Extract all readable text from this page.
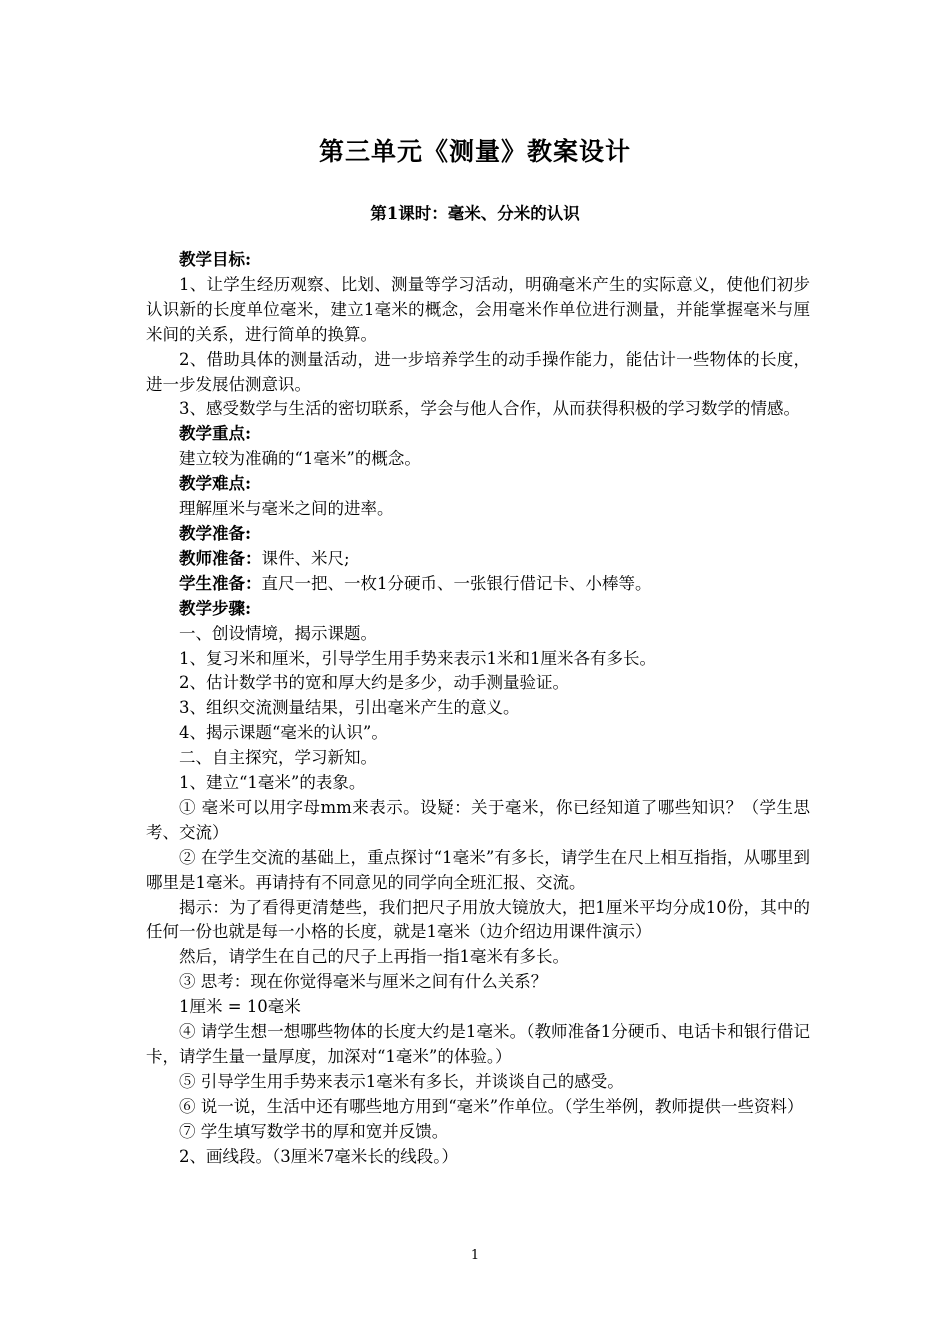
第三单元《测量》教案设计
第1课时：毫米、分米的认识

教学目标:

1、让学生经历观察、比划、测量等学习活动，明确毫米产生的实际意义，使他们初步认识新的长度单位毫米，建立1毫米的概念，会用毫米作单位进行测量，并能掌握毫米与厘米间的关系，进行简单的换算。

2、借助具体的测量活动，进一步培养学生的动手操作能力，能估计一些物体的长度，进一步发展估测意识。

3、感受数学与生活的密切联系，学会与他人合作，从而获得积极的学习数学的情感。

教学重点:

建立较为准确的“1毫米”的概念。

教学难点:

理解厘米与毫米之间的进率。

教学准备:

教师准备：课件、米尺;

学生准备：直尺一把、一枚1分硬币、一张银行借记卡、小棒等。

教学步骤:

一、创设情境，揭示课题。

1、复习米和厘米，引导学生用手势来表示1米和1厘米各有多长。

2、估计数学书的宽和厚大约是多少，动手测量验证。

3、组织交流测量结果，引出毫米产生的意义。

4、揭示课题“毫米的认识”。

二、自主探究，学习新知。

1、建立“1毫米”的表象。

① 毫米可以用字母mm来表示。设疑：关于毫米，你已经知道了哪些知识？（学生思考、交流）

② 在学生交流的基础上，重点探讨“1毫米”有多长，请学生在尺上相互指指，从哪里到哪里是1毫米。再请持有不同意见的同学向全班汇报、交流。

揭示：为了看得更清楚些，我们把尺子用放大镜放大，把1厘米平均分成10份，其中的任何一份也就是每一小格的长度，就是1毫米（边介绍边用课件演示）

然后，请学生在自己的尺子上再指一指1毫米有多长。

③ 思考：现在你觉得毫米与厘米之间有什么关系？

1厘米 = 10毫米

④ 请学生想一想哪些物体的长度大约是1毫米。（教师准备1分硬币、电话卡和银行借记卡，请学生量一量厚度，加深对“1毫米”的体验。）

⑤ 引导学生用手势来表示1毫米有多长，并谈谈自己的感受。

⑥ 说一说，生活中还有哪些地方用到“毫米”作单位。（学生举例，教师提供一些资料）

⑦ 学生填写数学书的厚和宽并反馈。

2、画线段。（3厘米7毫米长的线段。）

1
